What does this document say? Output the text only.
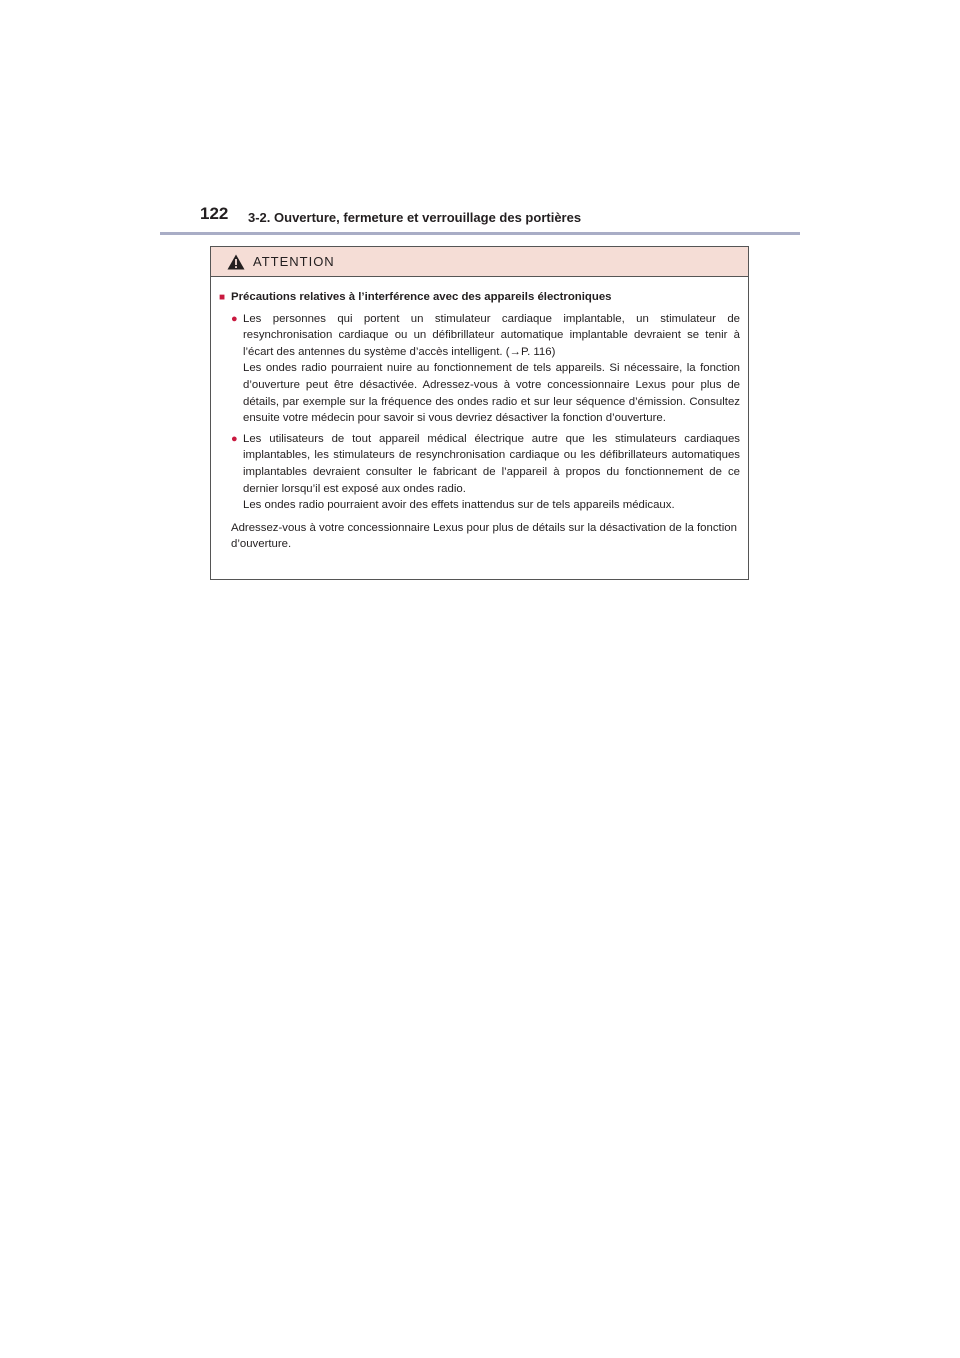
122 3-2. Ouverture, fermeture et verrouillage des portières
ATTENTION
■ Précautions relatives à l’interférence avec des appareils électroniques
● Les personnes qui portent un stimulateur cardiaque implantable, un stimulateur de resynchronisation cardiaque ou un défibrillateur automatique implantable devraient se tenir à l’écart des antennes du système d’accès intelligent. (→P. 116)
Les ondes radio pourraient nuire au fonctionnement de tels appareils. Si nécessaire, la fonction d’ouverture peut être désactivée. Adressez-vous à votre concessionnaire Lexus pour plus de détails, par exemple sur la fréquence des ondes radio et sur leur séquence d’émission. Consultez ensuite votre médecin pour savoir si vous devriez désactiver la fonction d’ouverture.
● Les utilisateurs de tout appareil médical électrique autre que les stimulateurs cardiaques implantables, les stimulateurs de resynchronisation cardiaque ou les défibrillateurs automatiques implantables devraient consulter le fabricant de l’appareil à propos du fonctionnement de ce dernier lorsqu’il est exposé aux ondes radio.
Les ondes radio pourraient avoir des effets inattendus sur de tels appareils médicaux.
Adressez-vous à votre concessionnaire Lexus pour plus de détails sur la désactivation de la fonction d’ouverture.
